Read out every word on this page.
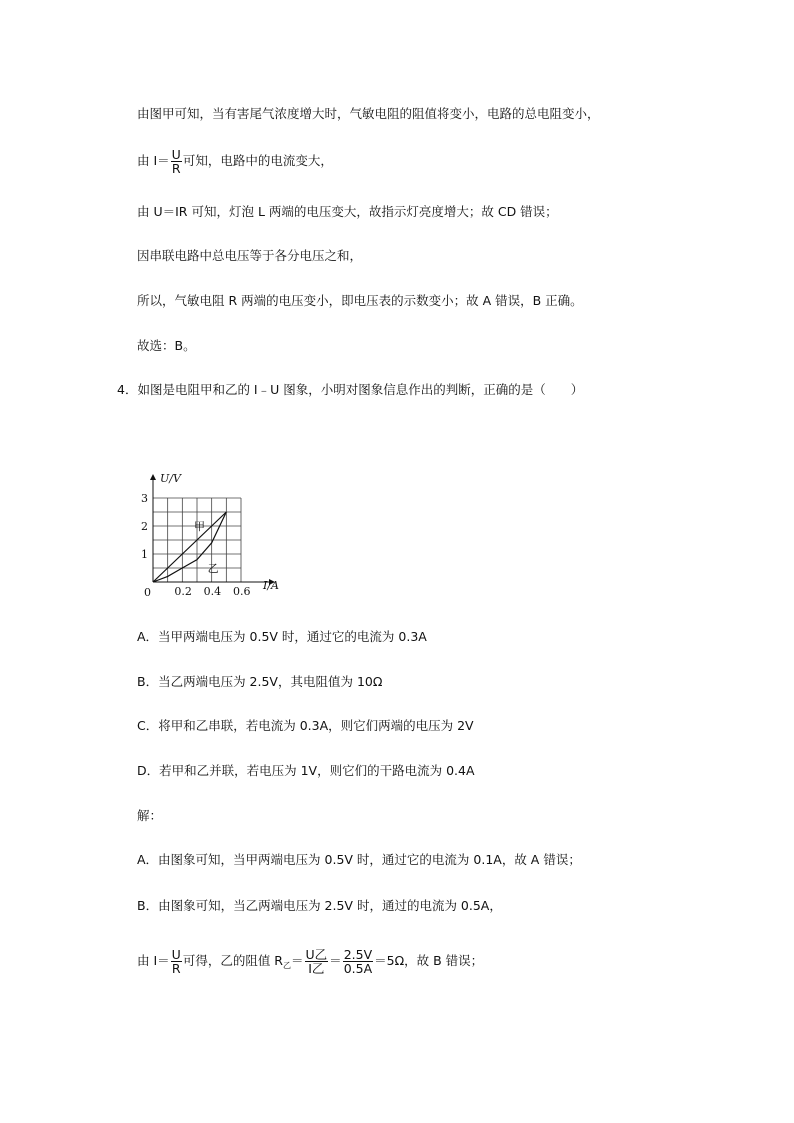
由图甲可知，当有害尾气浓度增大时，气敏电阻的阻值将变小，电路的总电阻变小，
由 $I= \frac{U}{R}$ 可知，电路中的电流变大，
由 U＝IR 可知，灯泡 L 两端的电压变大，故指示灯亮度增大；故 CD 错误；
因串联电路中总电压等于各分电压之和，
所以，气敏电阻 R 两端的电压变小，即电压表的示数变小；故 A 错误，B 正确。
故选：B。
4．如图是电阻甲和乙的 I﹣U 图象，小明对图象信息作出的判断，正确的是（　　）
I/A
U/V
0 0.2 0.4 0.6
1
2
3
甲
乙
A．当甲两端电压为 0.5V 时，通过它的电流为 0.3A
B．当乙两端电压为 2.5V，其电阻值为 10Ω
C．将甲和乙串联，若电流为 0.3A，则它们两端的电压为 2V
D．若甲和乙并联，若电压为 1V，则它们的干路电流为 0.4A
解：
A．由图象可知，当甲两端电压为 0.5V 时，通过它的电流为 0.1A，故 A 错误；
B．由图象可知，当乙两端电压为 2.5V 时，通过的电流为 0.5A，
由 $I= \frac{U}{R}$ 可得，乙的阻值 $R_乙= \frac{\text{U乙}}{\text{I乙}} = \frac{2.5V}{0.5A} =5\Omega$，故 B 错误；
